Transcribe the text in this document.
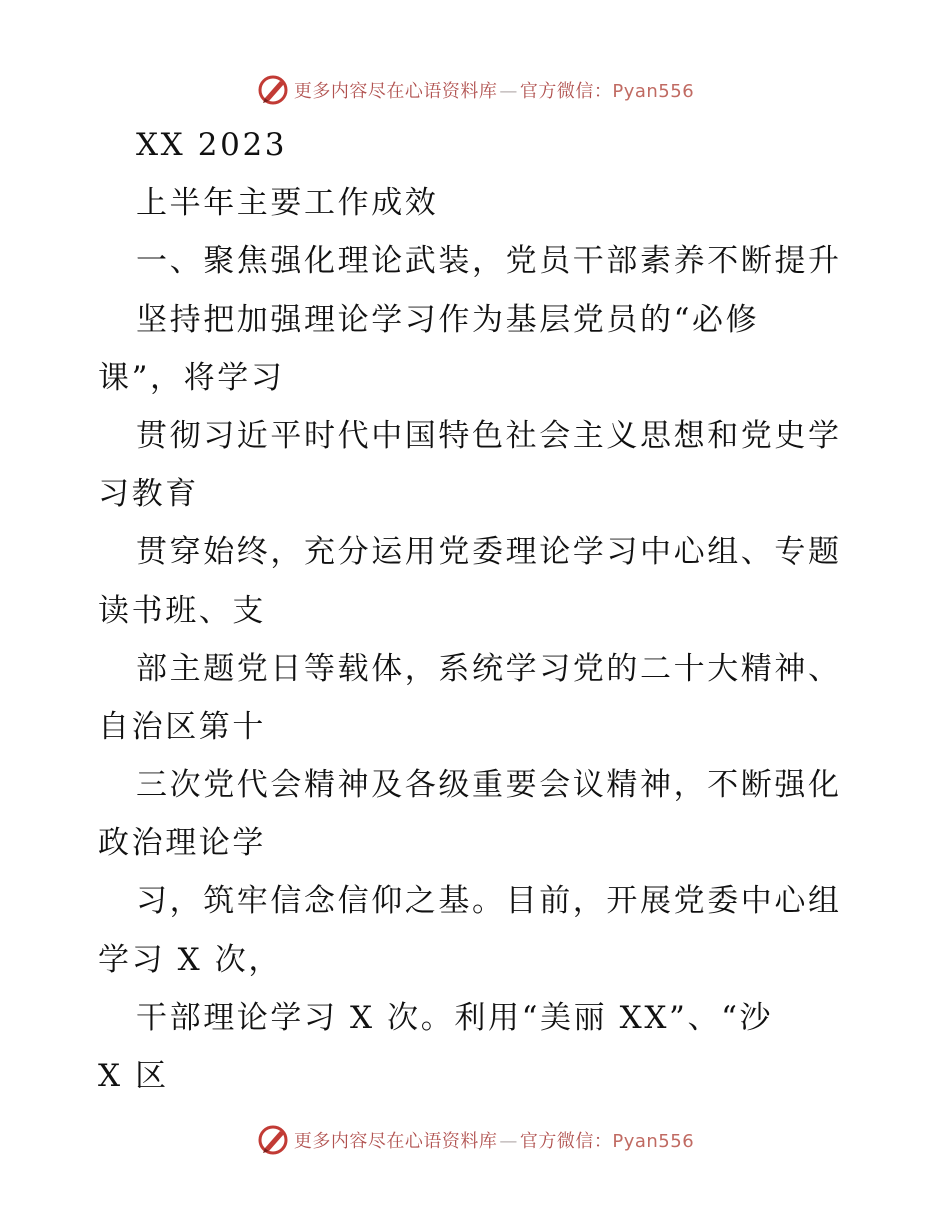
更多内容尽在心语资料库 — 官方微信：Pyan556
XX 2023
上半年主要工作成效
一、聚焦强化理论武装，党员干部素养不断提升
坚持把加强理论学习作为基层党员的“必修
课”，将学习
贯彻习近平时代中国特色社会主义思想和党史学
习教育
贯穿始终，充分运用党委理论学习中心组、专题
读书班、支
部主题党日等载体，系统学习党的二十大精神、
自治区第十
三次党代会精神及各级重要会议精神，不断强化
政治理论学
习，筑牢信念信仰之基。目前，开展党委中心组
学习 X 次，
干部理论学习 X 次。利用“美丽 XX”、“沙
X 区
更多内容尽在心语资料库 — 官方微信：Pyan556
